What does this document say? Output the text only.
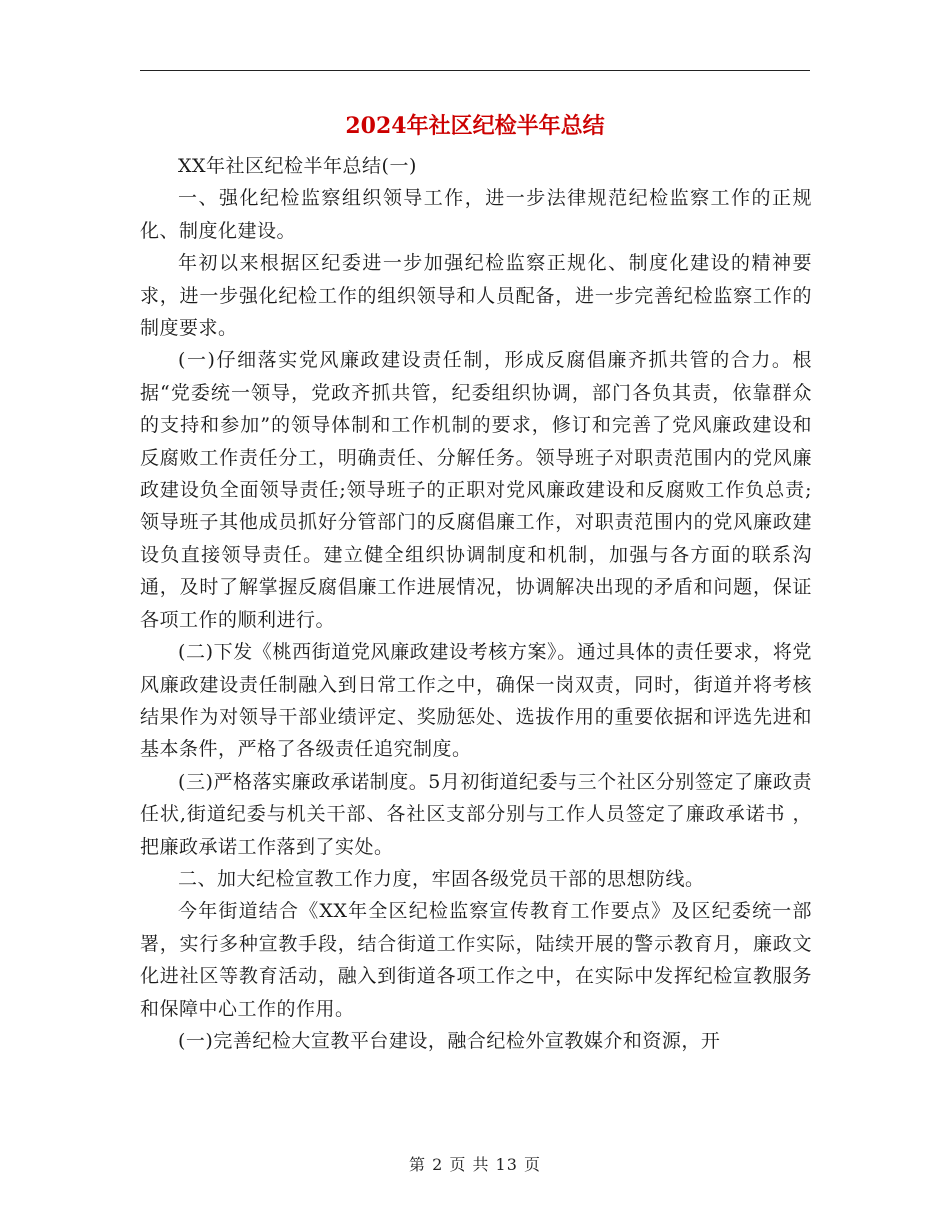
2024年社区纪检半年总结

XX年社区纪检半年总结(一)

一、强化纪检监察组织领导工作，进一步法律规范纪检监察工作的正规化、制度化建设。

年初以来根据区纪委进一步加强纪检监察正规化、制度化建设的精神要求，进一步强化纪检工作的组织领导和人员配备，进一步完善纪检监察工作的制度要求。

(一)仔细落实党风廉政建设责任制，形成反腐倡廉齐抓共管的合力。根据“党委统一领导，党政齐抓共管，纪委组织协调，部门各负其责，依靠群众的支持和参加”的领导体制和工作机制的要求，修订和完善了党风廉政建设和反腐败工作责任分工，明确责任、分解任务。领导班子对职责范围内的党风廉政建设负全面领导责任;领导班子的正职对党风廉政建设和反腐败工作负总责;领导班子其他成员抓好分管部门的反腐倡廉工作，对职责范围内的党风廉政建设负直接领导责任。建立健全组织协调制度和机制，加强与各方面的联系沟通，及时了解掌握反腐倡廉工作进展情况，协调解决出现的矛盾和问题，保证各项工作的顺利进行。

(二)下发《桃西街道党风廉政建设考核方案》。通过具体的责任要求，将党风廉政建设责任制融入到日常工作之中，确保一岗双责，同时，街道并将考核结果作为对领导干部业绩评定、奖励惩处、选拔作用的重要依据和评选先进和基本条件，严格了各级责任追究制度。

(三)严格落实廉政承诺制度。5月初街道纪委与三个社区分别签定了廉政责任状,街道纪委与机关干部、各社区支部分别与工作人员签定了廉政承诺书 ，把廉政承诺工作落到了实处。

二、加大纪检宣教工作力度，牢固各级党员干部的思想防线。

今年街道结合《XX年全区纪检监察宣传教育工作要点》及区纪委统一部署，实行多种宣教手段，结合街道工作实际，陆续开展的警示教育月，廉政文化进社区等教育活动，融入到街道各项工作之中，在实际中发挥纪检宣教服务和保障中心工作的作用。

(一)完善纪检大宣教平台建设，融合纪检外宣教媒介和资源，开

第 2 页 共 13 页
